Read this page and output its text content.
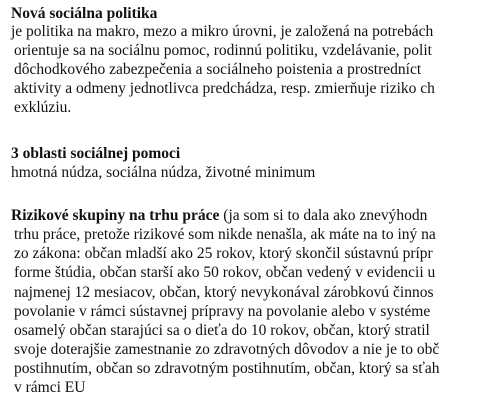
Nová sociálna politika
je politika na makro, mezo a mikro úrovni, je založená na potrebách
orientuje sa na sociálnu pomoc, rodinnú politiku, vzdelávanie, polit
dôchodkového zabezpečenia a sociálneho poistenia a prostredníct
aktivity a odmeny jednotlivca predchádza, resp. zmierňuje riziko ch
exklúziu.
3 oblasti sociálnej pomoci
hmotná núdza, sociálna núdza, životné minimum
Rizikové skupiny na trhu práce (ja som si to dala ako znevýhodn
trhu práce, pretože rizikové som nikde nenašla, ak máte na to iný na
zo zákona: občan mladší ako 25 rokov, ktorý skončil sústavnú prípr
forme štúdia, občan starší ako 50 rokov, občan vedený v evidencii u
najmenej 12 mesiacov, občan, ktorý nevykonával zárobkovú činnos
povolanie v rámci sústavnej prípravy na povolanie alebo v systéme
osamelý občan starajúci sa o dieťa do 10 rokov, občan, ktorý stratil
svoje doterajšie zamestnanie zo zdravotných dôvodov a nie je to obč
postihnutím, občan so zdravotným postihnutím, občan, ktorý sa sťah
v rámci EU
